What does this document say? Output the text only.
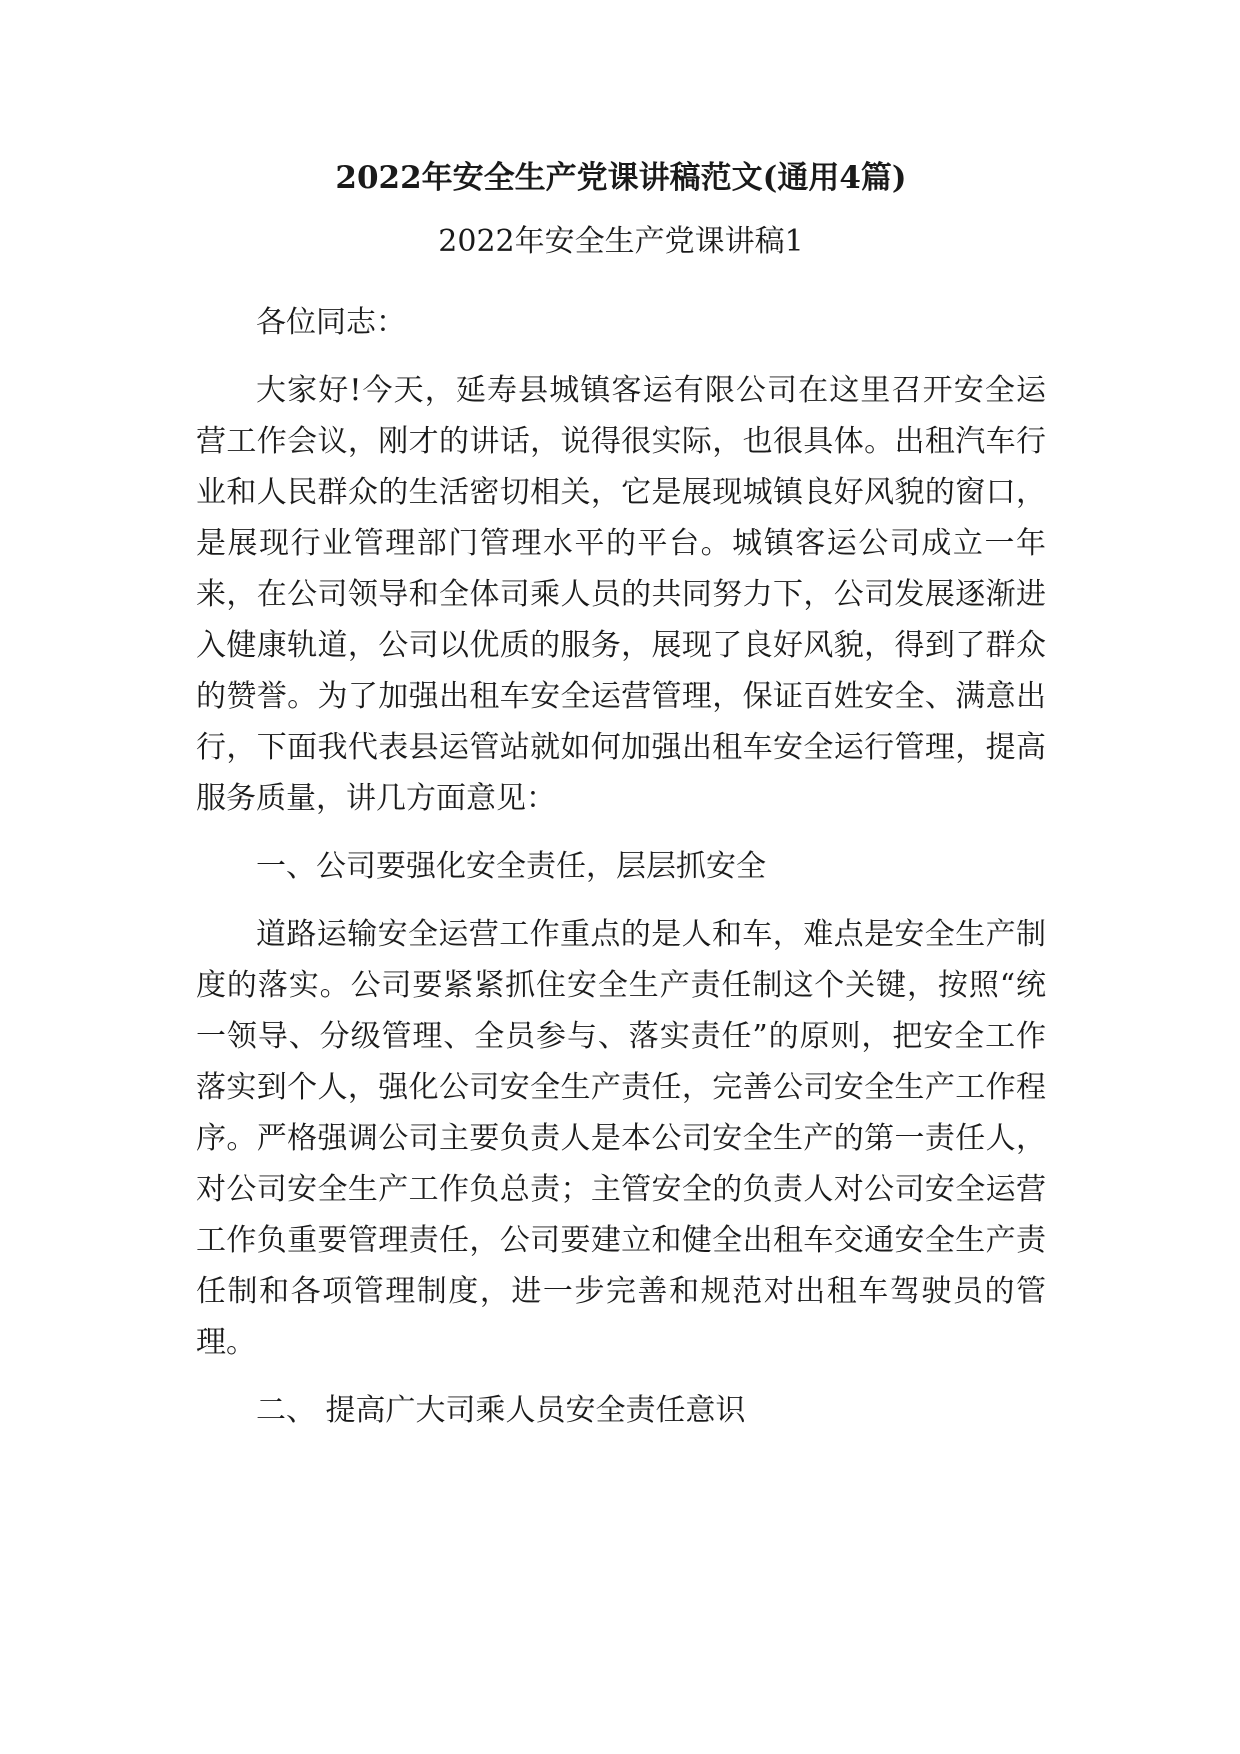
2022年安全生产党课讲稿范文(通用4篇)
2022年安全生产党课讲稿1

各位同志：

大家好!今天，延寿县城镇客运有限公司在这里召开安全运营工作会议，刚才的讲话，说得很实际，也很具体。出租汽车行业和人民群众的生活密切相关，它是展现城镇良好风貌的窗口，是展现行业管理部门管理水平的平台。城镇客运公司成立一年来，在公司领导和全体司乘人员的共同努力下，公司发展逐渐进入健康轨道，公司以优质的服务，展现了良好风貌，得到了群众的赞誉。为了加强出租车安全运营管理，保证百姓安全、满意出行，下面我代表县运管站就如何加强出租车安全运行管理，提高服务质量，讲几方面意见：

一、公司要强化安全责任，层层抓安全

道路运输安全运营工作重点的是人和车，难点是安全生产制度的落实。公司要紧紧抓住安全生产责任制这个关键，按照“统一领导、分级管理、全员参与、落实责任”的原则，把安全工作落实到个人，强化公司安全生产责任，完善公司安全生产工作程序。严格强调公司主要负责人是本公司安全生产的第一责任人，对公司安全生产工作负总责；主管安全的负责人对公司安全运营工作负重要管理责任，公司要建立和健全出租车交通安全生产责任制和各项管理制度，进一步完善和规范对出租车驾驶员的管理。

二、 提高广大司乘人员安全责任意识
